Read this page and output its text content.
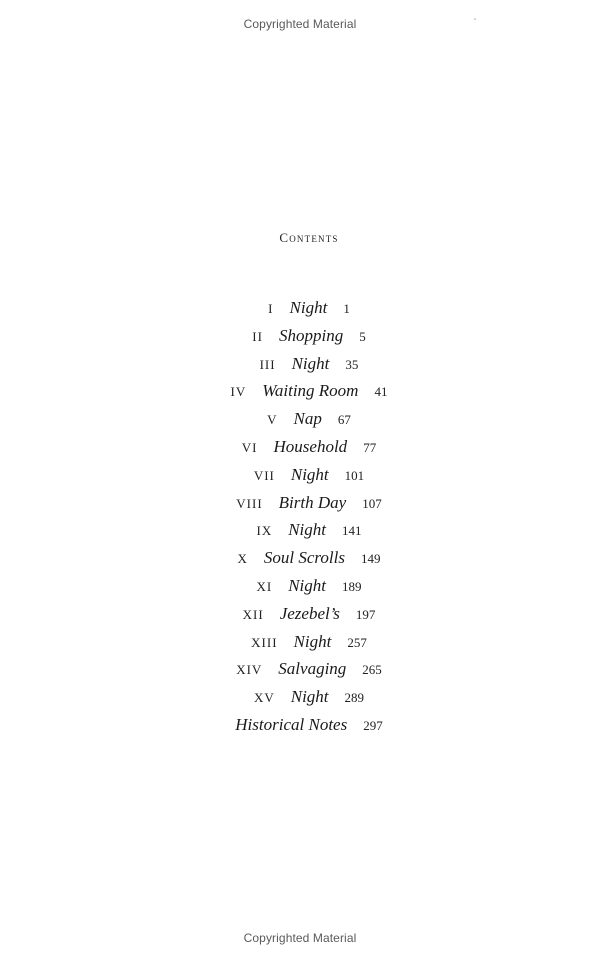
Copyrighted Material
Contents
I Night 1
II Shopping 5
III Night 35
IV Waiting Room 41
V Nap 67
VI Household 77
VII Night 101
VIII Birth Day 107
IX Night 141
X Soul Scrolls 149
XI Night 189
XII Jezebel’s 197
XIII Night 257
XIV Salvaging 265
XV Night 289
Historical Notes 297
Copyrighted Material
